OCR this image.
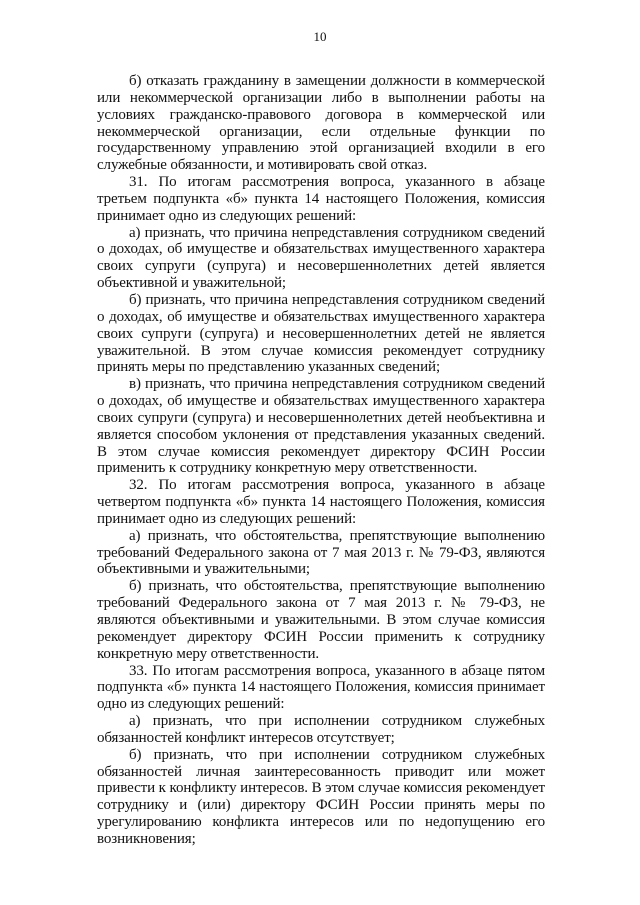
10

б) отказать гражданину в замещении должности в коммерческой или некоммерческой организации либо в выполнении работы на условиях гражданско-правового договора в коммерческой или некоммерческой организации, если отдельные функции по государственному управлению этой организацией входили в его служебные обязанности, и мотивировать свой отказ.

31. По итогам рассмотрения вопроса, указанного в абзаце третьем подпункта «б» пункта 14 настоящего Положения, комиссия принимает одно из следующих решений:

а) признать, что причина непредставления сотрудником сведений о доходах, об имуществе и обязательствах имущественного характера своих супруги (супруга) и несовершеннолетних детей является объективной и уважительной;

б) признать, что причина непредставления сотрудником сведений о доходах, об имуществе и обязательствах имущественного характера своих супруги (супруга) и несовершеннолетних детей не является уважительной. В этом случае комиссия рекомендует сотруднику принять меры по представлению указанных сведений;

в) признать, что причина непредставления сотрудником сведений о доходах, об имуществе и обязательствах имущественного характера своих супруги (супруга) и несовершеннолетних детей необъективна и является способом уклонения от представления указанных сведений. В этом случае комиссия рекомендует директору ФСИН России применить к сотруднику конкретную меру ответственности.

32. По итогам рассмотрения вопроса, указанного в абзаце четвертом подпункта «б» пункта 14 настоящего Положения, комиссия принимает одно из следующих решений:

а) признать, что обстоятельства, препятствующие выполнению требований Федерального закона от 7 мая 2013 г. № 79-ФЗ, являются объективными и уважительными;

б) признать, что обстоятельства, препятствующие выполнению требований Федерального закона от 7 мая 2013 г. № 79-ФЗ, не являются объективными и уважительными. В этом случае комиссия рекомендует директору ФСИН России применить к сотруднику конкретную меру ответственности.

33. По итогам рассмотрения вопроса, указанного в абзаце пятом подпункта «б» пункта 14 настоящего Положения, комиссия принимает одно из следующих решений:

а) признать, что при исполнении сотрудником служебных обязанностей конфликт интересов отсутствует;

б) признать, что при исполнении сотрудником служебных обязанностей личная заинтересованность приводит или может привести к конфликту интересов. В этом случае комиссия рекомендует сотруднику и (или) директору ФСИН России принять меры по урегулированию конфликта интересов или по недопущению его возникновения;
